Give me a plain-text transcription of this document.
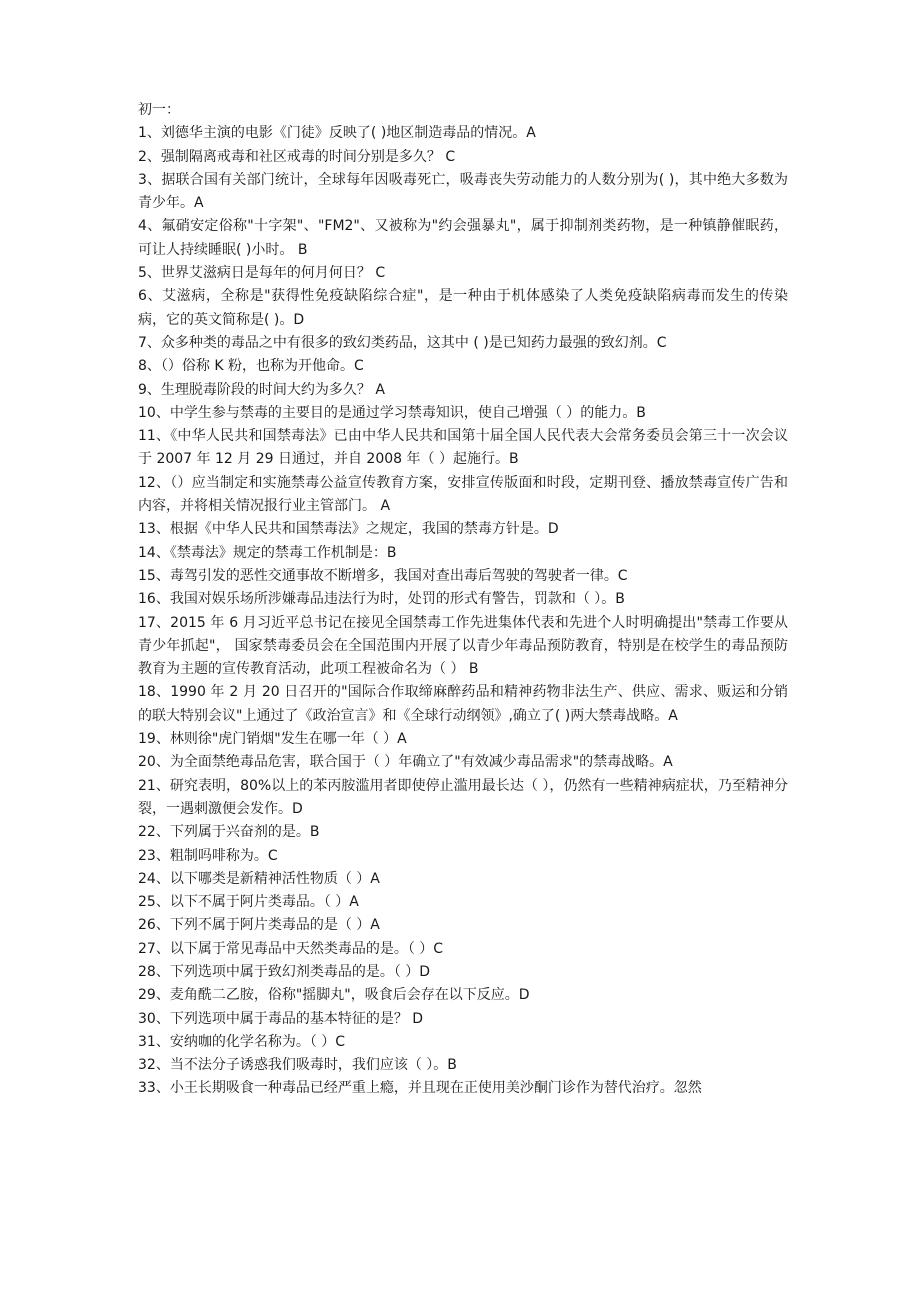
初一：

1、刘德华主演的电影《门徒》反映了( )地区制造毒品的情况。A

2、强制隔离戒毒和社区戒毒的时间分别是多久？ C

3、据联合国有关部门统计，全球每年因吸毒死亡，吸毒丧失劳动能力的人数分别为( )，其中绝大多数为青少年。A

4、氟硝安定俗称"十字架"、"FM2"、又被称为"约会强暴丸"，属于抑制剂类药物，是一种镇静催眠药，可让人持续睡眠( )小时。 B

5、世界艾滋病日是每年的何月何日？ C

6、艾滋病，全称是"获得性免疫缺陷综合症"，是一种由于机体感染了人类免疫缺陷病毒而发生的传染病，它的英文简称是( )。D

7、众多种类的毒品之中有很多的致幻类药品，这其中 ( )是已知药力最强的致幻剂。C

8、（）俗称 K 粉，也称为开他命。C

9、生理脱毒阶段的时间大约为多久？ A

10、中学生参与禁毒的主要目的是通过学习禁毒知识，使自己增强（ ）的能力。B

11、《中华人民共和国禁毒法》已由中华人民共和国第十届全国人民代表大会常务委员会第三十一次会议于 2007 年 12 月 29 日通过，并自 2008 年（ ）起施行。B

12、（）应当制定和实施禁毒公益宣传教育方案，安排宣传版面和时段，定期刊登、播放禁毒宣传广告和内容，并将相关情况报行业主管部门。 A

13、根据《中华人民共和国禁毒法》之规定，我国的禁毒方针是。D

14、《禁毒法》规定的禁毒工作机制是：B

15、毒驾引发的恶性交通事故不断增多，我国对查出毒后驾驶的驾驶者一律。C

16、我国对娱乐场所涉嫌毒品违法行为时，处罚的形式有警告，罚款和（ ）。B

17、2015 年 6 月习近平总书记在接见全国禁毒工作先进集体代表和先进个人时明确提出"禁毒工作要从青少年抓起"， 国家禁毒委员会在全国范围内开展了以青少年毒品预防教育，特别是在校学生的毒品预防教育为主题的宣传教育活动，此项工程被命名为（ ） B

18、1990 年 2 月 20 日召开的"国际合作取缔麻醉药品和精神药物非法生产、供应、需求、贩运和分销的联大特别会议"上通过了《政治宣言》和《全球行动纲领》,确立了( )两大禁毒战略。A

19、林则徐"虎门销烟"发生在哪一年（ ）A

20、为全面禁绝毒品危害，联合国于（ ）年确立了"有效减少毒品需求"的禁毒战略。A

21、研究表明，80%以上的苯丙胺滥用者即使停止滥用最长达（ ），仍然有一些精神病症状，乃至精神分裂，一遇刺激便会发作。D

22、下列属于兴奋剂的是。B

23、粗制吗啡称为。C

24、以下哪类是新精神活性物质（ ）A

25、以下不属于阿片类毒品。（ ）A

26、下列不属于阿片类毒品的是（ ）A

27、以下属于常见毒品中天然类毒品的是。（ ）C

28、下列选项中属于致幻剂类毒品的是。（ ）D

29、麦角酰二乙胺，俗称"摇脚丸"，吸食后会存在以下反应。D

30、下列选项中属于毒品的基本特征的是？ D

31、安纳咖的化学名称为。（ ）C

32、当不法分子诱惑我们吸毒时，我们应该（ ）。B

33、小王长期吸食一种毒品已经严重上瘾，并且现在正使用美沙酮门诊作为替代治疗。忽然
